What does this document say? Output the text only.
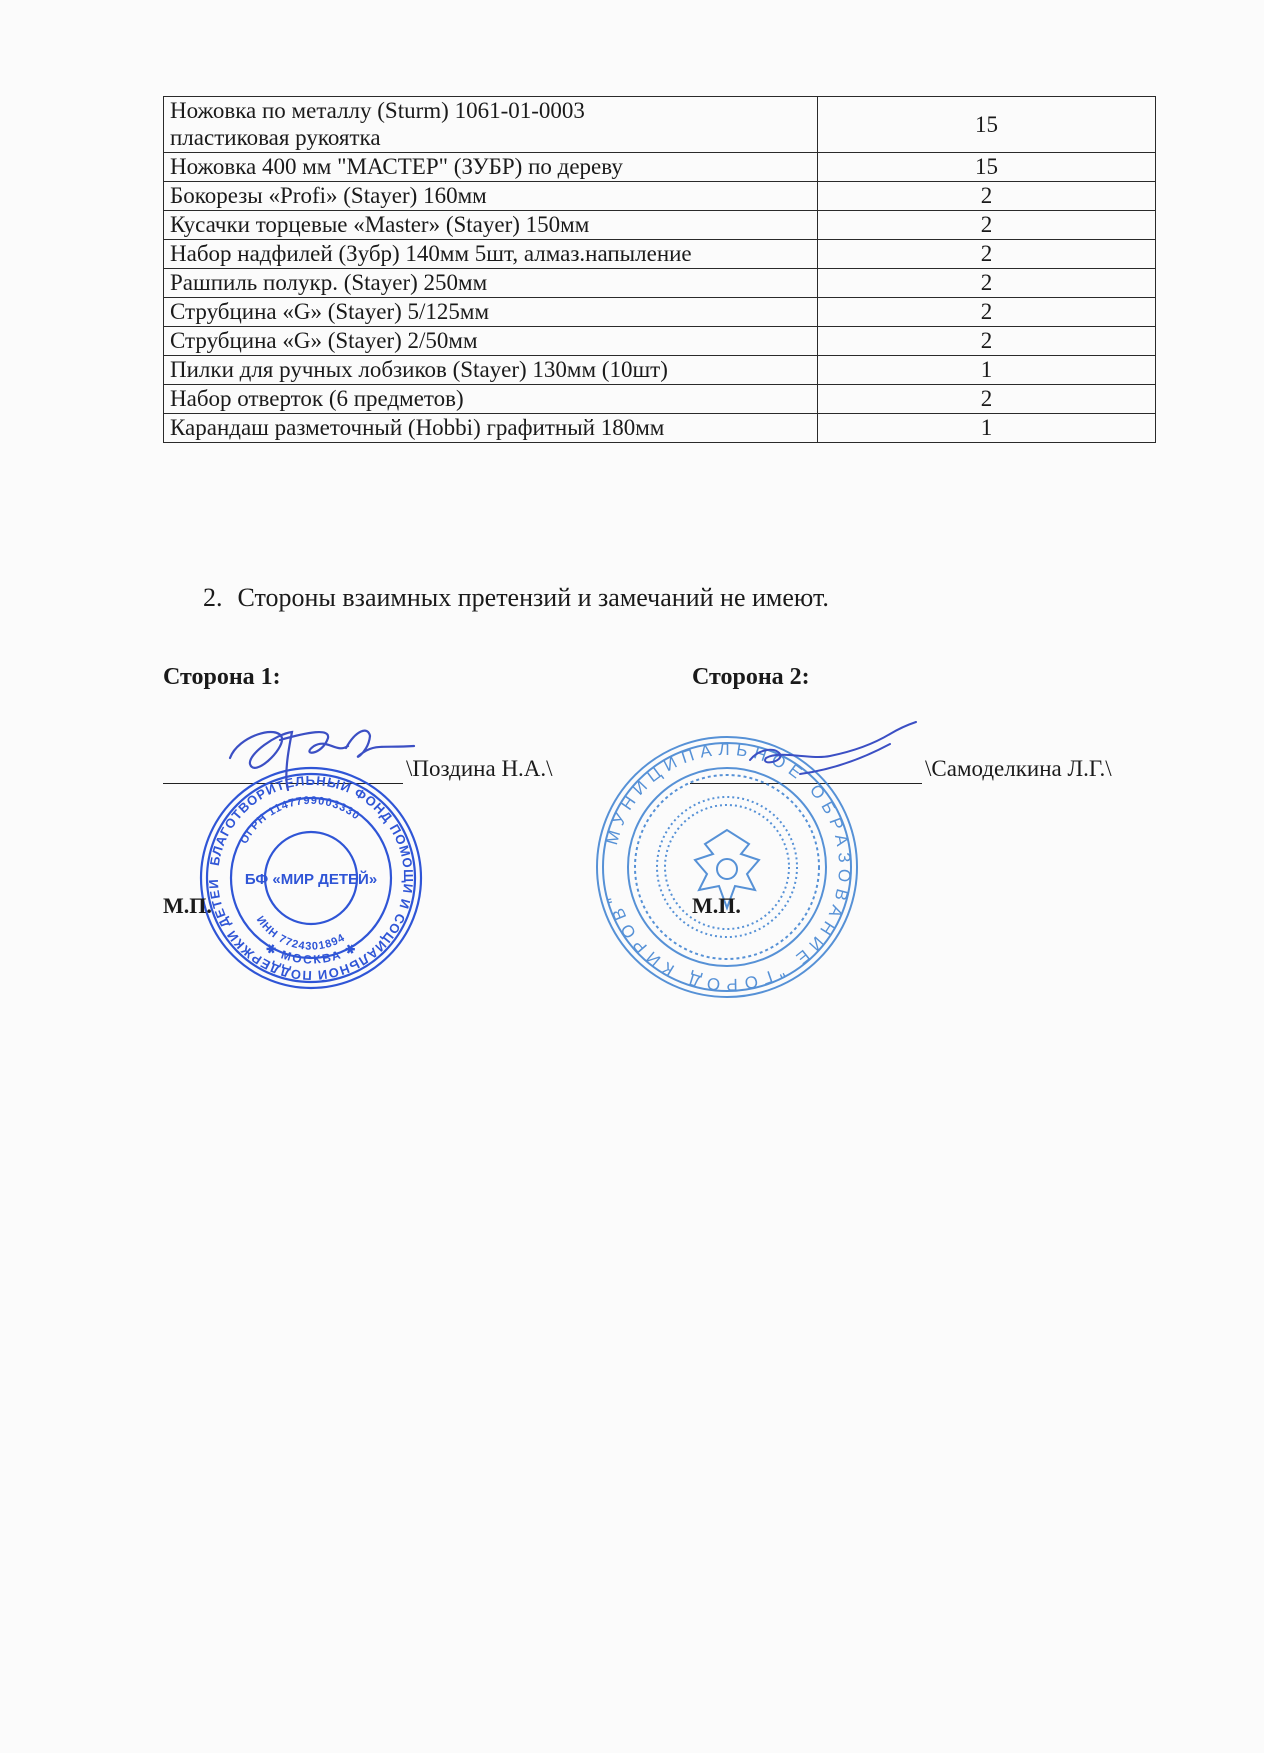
Ножовка по металлу (Sturm) 1061-01-0003
пластиковая рукоятка	15

Ножовка 400 мм "МАСТЕР" (ЗУБР) по дереву	15

Бокорезы «Profi» (Stayer) 160мм	2

Кусачки торцевые «Master» (Stayer) 150мм	2

Набор надфилей (Зубр) 140мм 5шт, алмаз.напыление	2

Рашпиль полукр. (Stayer) 250мм	2

Струбцина «G» (Stayer) 5/125мм	2

Струбцина «G» (Stayer) 2/50мм	2

Пилки для ручных лобзиков (Stayer) 130мм (10шт)	1

Набор отверток (6 предметов)	2

Карандаш разметочный (Hobbi) графитный 180мм	1
2. Стороны взаимных претензий и замечаний не имеют.
Сторона 1:	Сторона 2:
\Поздина Н.А.\	\Самоделкина Л.Г.\
БЛАГОТВОРИТЕЛЬНЫЙ ФОНД ПОМОЩИ И СОЦИАЛЬНОЙ ПОДДЕРЖКИ ДЕТЕЙ
ОГРН 1147799003330
ИНН 7724301894
✱ МОСКВА ✱
БФ «МИР ДЕТЕЙ»
МУНИЦИПАЛЬНОЕ ОБРАЗОВАНИЕ "ГОРОД КИРОВ"
М.П.	М.П.
